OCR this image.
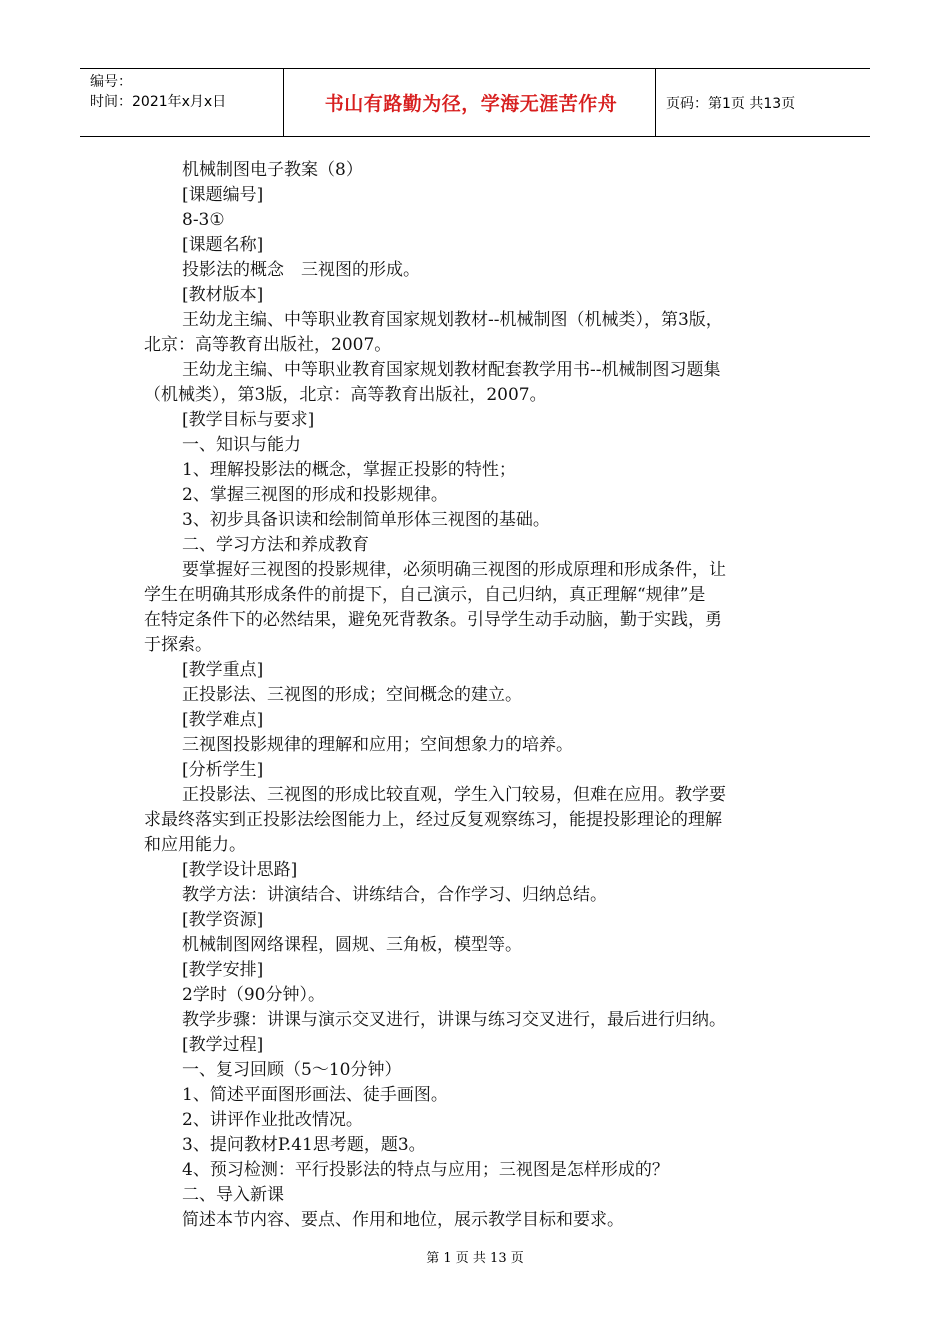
编号：
时间：2021年x月x日	书山有路勤为径，学海无涯苦作舟	页码：第1页 共13页
机械制图电子教案（8）
[课题编号]
8-3①
[课题名称]
投影法的概念　三视图的形成。
[教材版本]
王幼龙主编、中等职业教育国家规划教材--机械制图（机械类），第3版，
北京：高等教育出版社，2007。
王幼龙主编、中等职业教育国家规划教材配套教学用书--机械制图习题集
（机械类），第3版，北京：高等教育出版社，2007。
[教学目标与要求]
一、知识与能力
1、理解投影法的概念，掌握正投影的特性；
2、掌握三视图的形成和投影规律。
3、初步具备识读和绘制简单形体三视图的基础。
二、学习方法和养成教育
要掌握好三视图的投影规律，必须明确三视图的形成原理和形成条件，让
学生在明确其形成条件的前提下，自己演示，自己归纳，真正理解“规律”是
在特定条件下的必然结果，避免死背教条。引导学生动手动脑，勤于实践，勇
于探索。
[教学重点]
正投影法、三视图的形成；空间概念的建立。
[教学难点]
三视图投影规律的理解和应用；空间想象力的培养。
[分析学生]
正投影法、三视图的形成比较直观，学生入门较易，但难在应用。教学要
求最终落实到正投影法绘图能力上，经过反复观察练习，能提投影理论的理解
和应用能力。
[教学设计思路]
教学方法：讲演结合、讲练结合，合作学习、归纳总结。
[教学资源]
机械制图网络课程，圆规、三角板，模型等。
[教学安排]
2学时（90分钟）。
教学步骤：讲课与演示交叉进行，讲课与练习交叉进行，最后进行归纳。
[教学过程]
一、复习回顾（5～10分钟）
1、简述平面图形画法、徒手画图。
2、讲评作业批改情况。
3、提问教材P.41思考题，题3。
4、预习检测：平行投影法的特点与应用；三视图是怎样形成的？
二、导入新课
简述本节内容、要点、作用和地位，展示教学目标和要求。
第 1 页 共 13 页
